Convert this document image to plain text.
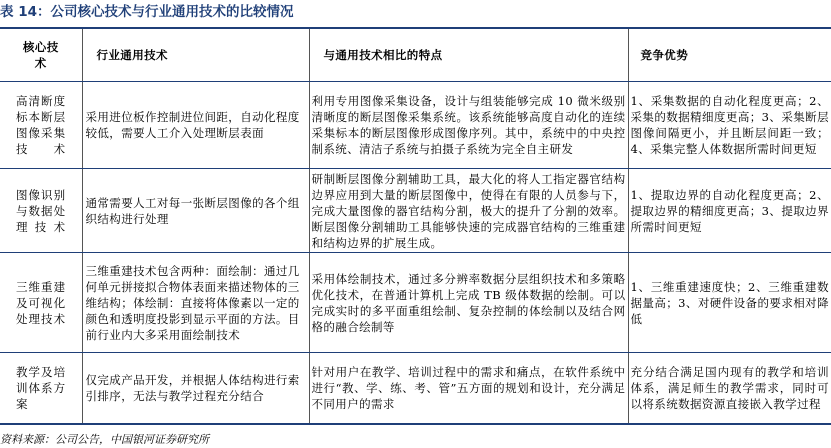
表 14：公司核心技术与行业通用技术的比较情况
核心技术	行业通用技术	与通用技术相比的特点	竞争优势
高清断度标本断层图像采集技术	采用进位板作控制进位间距，自动化程度较低，需要人工介入处理断层表面	利用专用图像采集设备，设计与组装能够完成 10 微米级别清晰度的断层图像采集系统。该系统能够高度自动化的连续采集标本的断层图像形成图像序列。其中，系统中的中央控制系统、清洁子系统与拍摄子系统为完全自主研发	1、采集数据的自动化程度更高；2、采集的数据精细度更高；3、采集断层图像间隔更小，并且断层间距一致；4、采集完整人体数据所需时间更短
图像识别与数据处理技术	通常需要人工对每一张断层图像的各个组织结构进行处理	研制断层图像分割辅助工具，最大化的将人工指定器官结构边界应用到大量的断层图像中，使得在有限的人员参与下，完成大量图像的器官结构分割，极大的提升了分割的效率。断层图像分割辅助工具能够快速的完成器官结构的三维重建和结构边界的扩展生成。	1、提取边界的自动化程度更高；2、提取边界的精细度更高；3、提取边界所需时间更短
三维重建及可视化处理技术	三维重建技术包含两种：面绘制：通过几何单元拼接拟合物体表面来描述物体的三维结构；体绘制：直接将体像素以一定的颜色和透明度投影到显示平面的方法。目前行业内大多采用面绘制技术	采用体绘制技术，通过多分辨率数据分层组织技术和多策略优化技术，在普通计算机上完成 TB 级体数据的绘制。可以完成实时的多平面重组绘制、复杂控制的体绘制以及结合网格的融合绘制等	1、三维重建速度快；2、三维重建数据量高；3、对硬件设备的要求相对降低
教学及培训体系方案	仅完成产品开发，并根据人体结构进行索引排序，无法与教学过程充分结合	针对用户在教学、培训过程中的需求和痛点，在软件系统中进行“教、学、练、考、管”五方面的规划和设计，充分满足不同用户的需求	充分结合满足国内现有的教学和培训体系，满足师生的教学需求，同时可以将系统数据资源直接嵌入教学过程
资料来源：公司公告，中国银河证券研究所
